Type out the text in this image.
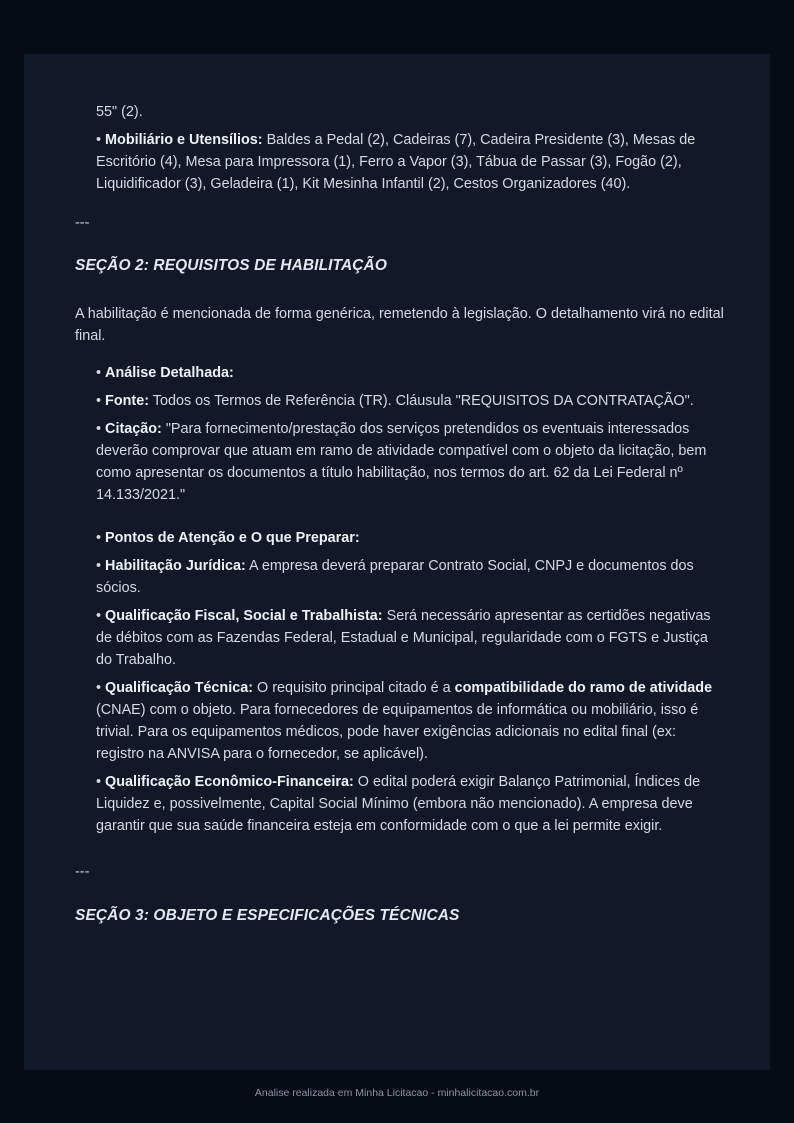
55" (2).

• Mobiliário e Utensílios: Baldes a Pedal (2), Cadeiras (7), Cadeira Presidente (3), Mesas de Escritório (4), Mesa para Impressora (1), Ferro a Vapor (3), Tábua de Passar (3), Fogão (2), Liquidificador (3), Geladeira (1), Kit Mesinha Infantil (2), Cestos Organizadores (40).

---

SEÇÃO 2: REQUISITOS DE HABILITAÇÃO

A habilitação é mencionada de forma genérica, remetendo à legislação. O detalhamento virá no edital final.

• Análise Detalhada:

• Fonte: Todos os Termos de Referência (TR). Cláusula "REQUISITOS DA CONTRATAÇÃO".

• Citação: "Para fornecimento/prestação dos serviços pretendidos os eventuais interessados deverão comprovar que atuam em ramo de atividade compatível com o objeto da licitação, bem como apresentar os documentos a título habilitação, nos termos do art. 62 da Lei Federal nº 14.133/2021."

• Pontos de Atenção e O que Preparar:

• Habilitação Jurídica: A empresa deverá preparar Contrato Social, CNPJ e documentos dos sócios.

• Qualificação Fiscal, Social e Trabalhista: Será necessário apresentar as certidões negativas de débitos com as Fazendas Federal, Estadual e Municipal, regularidade com o FGTS e Justiça do Trabalho.

• Qualificação Técnica: O requisito principal citado é a compatibilidade do ramo de atividade (CNAE) com o objeto. Para fornecedores de equipamentos de informática ou mobiliário, isso é trivial. Para os equipamentos médicos, pode haver exigências adicionais no edital final (ex: registro na ANVISA para o fornecedor, se aplicável).

• Qualificação Econômico-Financeira: O edital poderá exigir Balanço Patrimonial, Índices de Liquidez e, possivelmente, Capital Social Mínimo (embora não mencionado). A empresa deve garantir que sua saúde financeira esteja em conformidade com o que a lei permite exigir.

---

SEÇÃO 3: OBJETO E ESPECIFICAÇÕES TÉCNICAS
Analise realizada em Minha Licitacao - minhalicitacao.com.br
